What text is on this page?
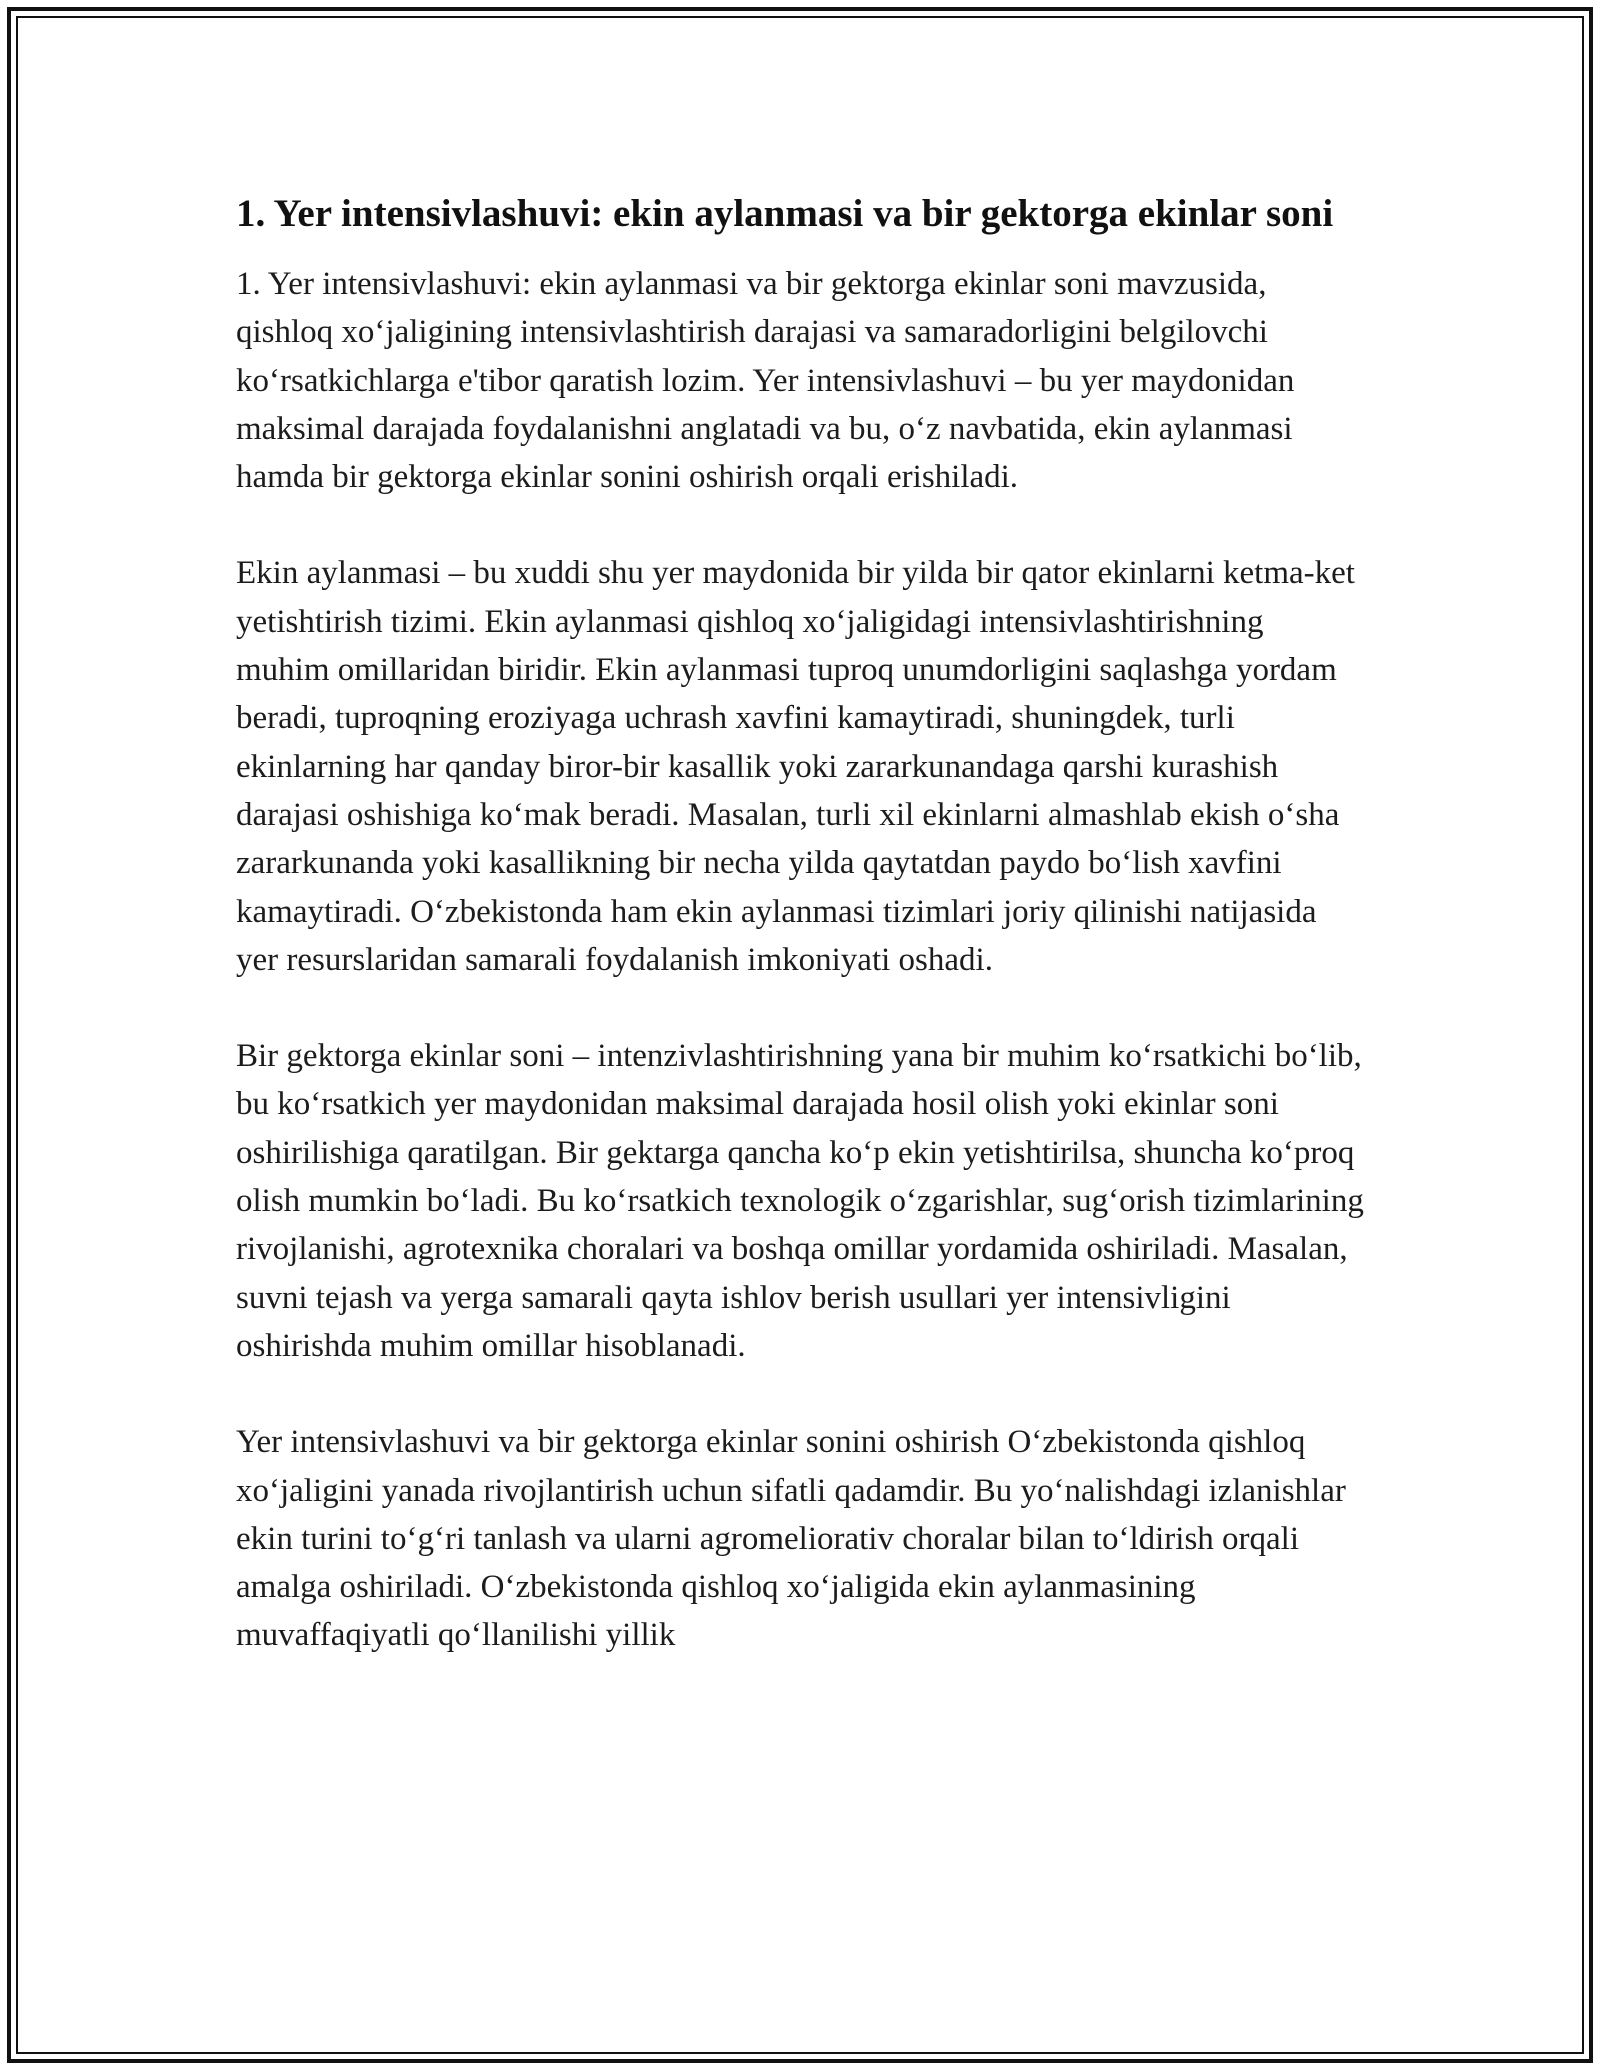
1. Yer intensivlashuvi: ekin aylanmasi va bir gektorga ekinlar soni

1. Yer intensivlashuvi: ekin aylanmasi va bir gektorga ekinlar soni mavzusida, qishloq xoʻjaligining intensivlashtirish darajasi va samaradorligini belgilovchi koʻrsatkichlarga e'tibor qaratish lozim. Yer intensivlashuvi – bu yer maydonidan maksimal darajada foydalanishni anglatadi va bu, oʻz navbatida, ekin aylanmasi hamda bir gektorga ekinlar sonini oshirish orqali erishiladi.

Ekin aylanmasi – bu xuddi shu yer maydonida bir yilda bir qator ekinlarni ketma-ket yetishtirish tizimi. Ekin aylanmasi qishloq xoʻjaligidagi intensivlashtirishning muhim omillaridan biridir. Ekin aylanmasi tuproq unumdorligini saqlashga yordam beradi, tuproqning eroziyaga uchrash xavfini kamaytiradi, shuningdek, turli ekinlarning har qanday biror-bir kasallik yoki zararkunandaga qarshi kurashish darajasi oshishiga koʻmak beradi. Masalan, turli xil ekinlarni almashlab ekish oʻsha zararkunanda yoki kasallikning bir necha yilda qaytatdan paydo boʻlish xavfini kamaytiradi. Oʻzbekistonda ham ekin aylanmasi tizimlari joriy qilinishi natijasida yer resurslaridan samarali foydalanish imkoniyati oshadi.

Bir gektorga ekinlar soni – intenzivlashtirishning yana bir muhim koʻrsatkichi boʻlib, bu koʻrsatkich yer maydonidan maksimal darajada hosil olish yoki ekinlar soni oshirilishiga qaratilgan. Bir gektarga qancha koʻp ekin yetishtirilsa, shuncha koʻproq olish mumkin boʻladi. Bu koʻrsatkich texnologik oʻzgarishlar, sugʻorish tizimlarining rivojlanishi, agrotexnika choralari va boshqa omillar yordamida oshiriladi. Masalan, suvni tejash va yerga samarali qayta ishlov berish usullari yer intensivligini oshirishda muhim omillar hisoblanadi.

Yer intensivlashuvi va bir gektorga ekinlar sonini oshirish Oʻzbekistonda qishloq xoʻjaligini yanada rivojlantirish uchun sifatli qadamdir. Bu yoʻnalishdagi izlanishlar ekin turini toʻgʻri tanlash va ularni agromeliorativ choralar bilan toʻldirish orqali amalga oshiriladi. Oʻzbekistonda qishloq xoʻjaligida ekin aylanmasining muvaffaqiyatli qoʻllanilishi yillik
